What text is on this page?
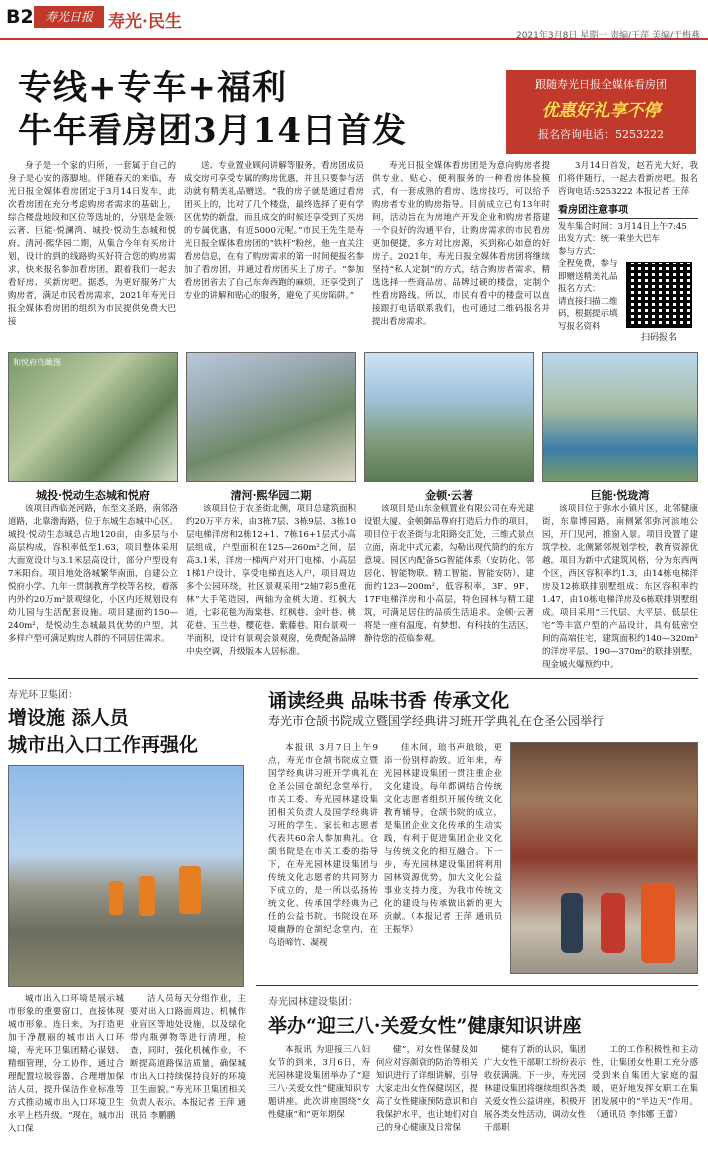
B2 寿光日报 寿光·民生
2021年3月8日 星期一 责编/王萍 美编/于梅燕
专线+专车+福利
牛年看房团3月14日首发
跟随寿光日报全媒体看房团
优惠好礼享不停
报名咨询电话：5253222
身子是一个家的归所，一套属于自己的身子是心安的落脚地。伴随春天的来临，寿光日报全媒体看房团定于3月14日发车，此次看房团在充分考虑购房者需求的基础上，综合楼盘地段和区位等选址的，分别是金领·云著、巨能·悦澜湾、城投·悦动生态城和悦府、清河·熙华园二期，从集合今年有买房计划，设计的到的线路购买好符合您的购房需求，快来报名参加看房团，跟着我们一起去看好房、买新房吧。据悉，为更好服务广大购房者，满足市民看房需求，2021年寿光日报全媒体看房团的组织为市民提供免费大巴接
送、专业置业顾问讲解等服务，看房团成员成交房可享受专属的购房优惠，并且只要参与活动就有精美礼品赠送。“我的房子就是通过看房团买上的，比对了几个楼盘，最终选择了更有学区优势的新盘，而且成交的时候还享受到了买房的专属优惠，有近5000元呢。”市民王先生是寿光日报全媒体看房团的“铁杆”粉丝，他一直关注看房信息，在有了购房需求的第一时间便报名参加了看房团，并通过看房团买上了房子。“参加看房团省去了自己东奔西跑的麻烦，还享受到了专业的讲解和贴心的服务，避免了买房陷阱。”
寿光日报全媒体看房团是为意向购房者提供专业、贴心、便利服务的一种看房体验模式，有一套成熟的看房、选房技巧，可以给予购房者专业的购房指导。目前成立已有13年时间，活动旨在为房地产开发企业和购房者搭建一个良好的沟通平台，让购房需求的市民看房更加便捷，多方对比房源，买到称心如意的好房子。2021年，寿光日报全媒体看房团将继续坚持“私人定制”的方式，结合购房者需求，精选选择一些商品房、品牌过硬的楼盘，定制个性看房路线。所以，市民有看中的楼盘可以直接跟打电话联系我们，也可通过二维码报名并提出看房需求。
3月14日首发，赵若光大好，我们将伴随行，一起去看新房吧。报名咨询电话:5253222 本报记者 王萍
看房团注意事项
发车集合时间：3月14日上午7:45
出发方式：统一乘坐大巴车
参与方式：
全程免费，参与即赠送精美礼品
报名方式：
请直接扫描二维码，根据提示填写报名资料
扫码报名
和悦府鸟瞰图
城投·悦动生态城和悦府	清河·熙华园二期	金顿·云著	巨能·悦珑湾
该项目西临尧河路，东至文圣路，南邻洛道路，北靠渤海路，位于东城生态城中心区。城投·悦动生态城总占地120亩，由多层与小高层构成，容积率低至1.63，项目整体采用大面宽设计与3.1米层高设计，部分户型设有7米阳台。项目地处洛城繁华南面，自建公立悦府小学、九年一贯制教育学校等名校，着落内外约20万m²景观绿化，小区内还规划设有幼儿园与生活配套设施。项目建面约150—240m²，是悦动生态城最具优势的户型，其多样户型可满足购房人群的不同居住需求。
该项目位于农圣街北侧，项目总建筑面积约20万平方米，由3栋7层、3栋9层、3栋10层电梯洋房和2栋12+1、7栋16+1层式小高层组成，户型面积在125—260m²之间，层高3.1米，洋房一梯两户对开门电梯、小高层1梯1户设计，享受电梯直达入户，项目周边多个公园环绕，社区景观采用“2轴7彩5重花林”大手笔造园，两轴为金桃大道、红枫大道，七彩花毯为海棠巷、红枫巷、金叶巷、桃花巷、玉兰巷、樱花巷、紫藤巷。阳台景观一半面积，设计有景观会景观窗，免费配备品牌中央空调，升级版本人居标准。
该项目是山东金顿置业有限公司在寿光建设银大厦、金顿御品尊府打造后力作的项目，项目位于农圣街与北阳路交汇处，三维式景点立面，南北中式元素，勾勒出现代简约的东方意境。园区内配备5G智能体系（安防化、邻居化、智能物联、精工智能、智能安防），建面约123—200m²，低容积率，3F、9F、17F电梯洋房和小高层，特色园林与精工建筑，可满足居住的品质生活追求。金顿·云著将是一座有温度、有梦想、有科技的生活区，静待您的莅临参观。
该项目位于弥水小镇片区，北邻健康街，东靠博园路，南侧紧邻弥河滨地公园，开门见河，推窗入景。项目设置了建筑学校、北侧紧邻规划学校，教育资源优越。项目为新中式建筑风格，分为东西两个区，西区容积率约1.3，由14栋电梯洋房及12栋联排别墅组成；东区容积率约1.47，由10栋电梯洋房及6栋联排别墅组成。项目采用“三代层、大平层、低层住宅”等丰富户型的产品设计，具有低密空间的高端住宅，建筑面积约140—320m²的洋房平层、190—370m²的联排别墅，现金城火爆预约中。
寿光环卫集团：
增设施 添人员
城市出入口工作再强化
城市出入口环境是展示城市形象的重要窗口，直接体现城市形象。连日来，为打造更加干净靓丽的城市出入口环境，寿光环卫集团精心谋划、精细管理，分工协作，通过合理配置垃圾容器、合理增加保洁人员，提升保洁作业标准等方式推动城市出入口环境卫生水平上档升级。“现在，城市出入口保
洁人员每天分组作业，主要对出入口路面周边、机械作业盲区等地处设施，以及绿化带内瓶弹物等进行清理，检查，同时，强化机械作业，不断提高道路保洁质量，确保城市出入口持续保持良好的环境卫生面貌。”寿光环卫集团相关负责人表示。本报记者 王萍 通讯员 李鹏鹏
诵读经典 品味书香 传承文化
寿光市仓颉书院成立暨国学经典讲习班开学典礼在仓圣公园举行
本报讯 3月7日上午9点，寿光市仓颉书院成立暨国学经典讲习班开学典礼在仓圣公园仓颉纪念堂举行，市关工委、寿光园林建设集团相关负责人及国学经典讲习班的学生、家长和志愿者代表共60余人参加典礼。仓颉书院是在市关工委的指导下，在寿光园林建设集团与传统文化志愿者的共同努力下成立的，是一所以弘扬传统文化、传承国学经典为己任的公益书院。书院设在环境幽静的仓颉纪念堂内，在鸟语啼竹、凝视
佳木间，琅书声琅琅，更添一份别样韵致。近年来，寿光园林建设集团一贯注重企业文化建设，每年都调结合传统文化志愿者组织开展传统文化教育辅导，仓颉书院的成立，是集团企业文化传承的生动实践，有利于促进集团企业文化与传统文化的相互融合。下一步，寿光园林建设集团将利用园林资源优势，加大文化公益事业支持力度，为我市传统文化的建设与传承做出新的更大贡献。（本报记者 王萍 通讯员 王振华）
寿光园林建设集团：
举办“迎三八·关爱女性”健康知识讲座
本报讯 为迎接三八妇女节的到来，3月6日，寿光园林建设集团举办了“迎三八·关爱女性”健康知识专题讲座。此次讲座围绕“女性健康”和“更年期保
健”，对女性保健及如何应对容颜衰的防治等相关知识进行了详细讲解，引导大家走出女性保健误区，提高了女性健康预防意识和自我保护水平，也让她们对自己的身心健康及日常保
健有了新的认识，集团广大女性干部职工纷纷表示收获满满。下一步，寿光园林建设集团将继续组织各类关爱女性公益讲座，积极开展各类女性活动，调动女性干部职
工的工作积极性和主动性，让集团女性职工充分感受到来自集团大家庭的温暖，更好地发挥女职工在集团发展中的“半边天”作用。（通讯员 李伟娜 王蕾）
